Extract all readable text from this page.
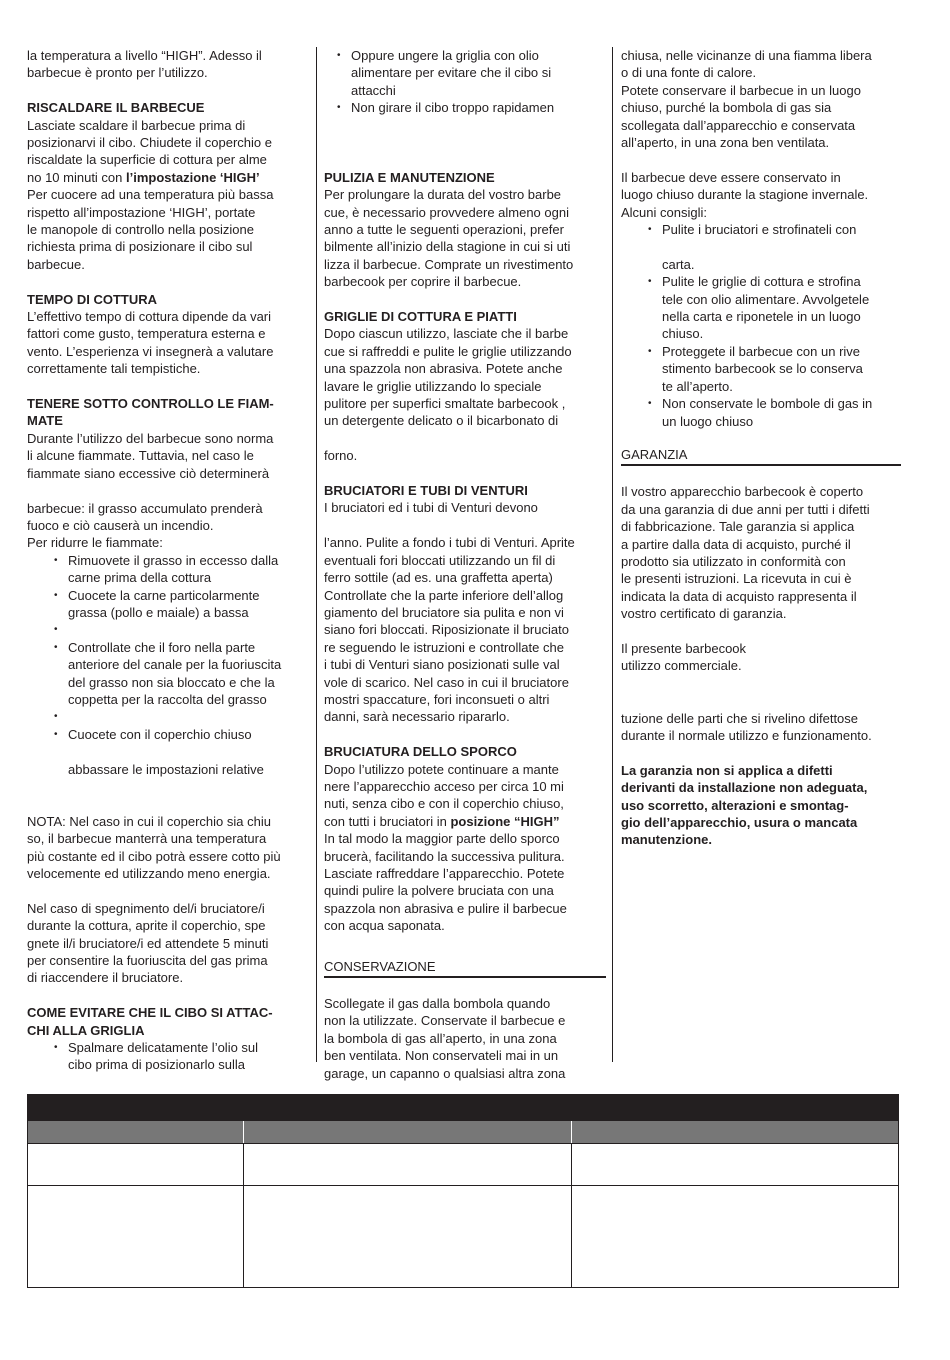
la temperatura a livello “HIGH”. Adesso il
barbecue è pronto per l’utilizzo.

RISCALDARE IL BARBECUE

Lasciate scaldare il barbecue prima di
posizionarvi il cibo. Chiudete il coperchio e
riscaldate la superficie di cottura per alme
no 10 minuti con l’impostazione ‘HIGH’

Per cuocere ad una temperatura più bassa
rispetto all’impostazione ‘HIGH’, portate
le manopole di controllo nella posizione
richiesta prima di posizionare il cibo sul
barbecue.

TEMPO DI COTTURA

L’effettivo tempo di cottura dipende da vari
fattori come gusto, temperatura esterna e
vento. L’esperienza vi insegnerà a valutare
correttamente tali tempistiche.

TENERE SOTTO CONTROLLO LE FIAM-
MATE

Durante l’utilizzo del barbecue sono norma
li alcune fiammate. Tuttavia, nel caso le
fiammate siano eccessive ciò determinerà

barbecue: il grasso accumulato prenderà
fuoco e ciò causerà un incendio.
Per ridurre le fiammate:

• Rimuovete il grasso in eccesso dalla
carne prima della cottura
• Cuocete la carne particolarmente
grassa (pollo e maiale) a bassa
•
• Controllate che il foro nella parte
anteriore del canale per la fuoriuscita
del grasso non sia bloccato e che la
coppetta per la raccolta del grasso
•
• Cuocete con il coperchio chiuso

abbassare le impostazioni relative

NOTA: Nel caso in cui il coperchio sia chiu
so, il barbecue manterrà una temperatura
più costante ed il cibo potrà essere cotto più
velocemente ed utilizzando meno energia.

Nel caso di spegnimento del/i bruciatore/i
durante la cottura, aprite il coperchio, spe
gnete il/i bruciatore/i ed attendete 5 minuti
per consentire la fuoriuscita del gas prima
di riaccendere il bruciatore.

COME EVITARE CHE IL CIBO SI ATTAC-
CHI ALLA GRIGLIA

• Spalmare delicatamente l’olio sul
cibo prima di posizionarlo sulla
• Oppure ungere la griglia con olio
alimentare per evitare che il cibo si
attacchi
• Non girare il cibo troppo rapidamen

PULIZIA E MANUTENZIONE

Per prolungare la durata del vostro barbe
cue, è necessario provvedere almeno ogni
anno a tutte le seguenti operazioni, prefer
bilmente all’inizio della stagione in cui si uti
lizza il barbecue. Comprate un rivestimento
barbecook per coprire il barbecue.

GRIGLIE DI COTTURA E PIATTI

Dopo ciascun utilizzo, lasciate che il barbe
cue si raffreddi e pulite le griglie utilizzando
una spazzola non abrasiva. Potete anche
lavare le griglie utilizzando lo speciale
pulitore per superfici smaltate barbecook ,
un detergente delicato o il bicarbonato di

forno.

BRUCIATORI E TUBI DI VENTURI

I bruciatori ed i tubi di Venturi devono

l’anno. Pulite a fondo i tubi di Venturi. Aprite
eventuali fori bloccati utilizzando un fil di
ferro sottile (ad es. una graffetta aperta)
Controllate che la parte inferiore dell’allog
giamento del bruciatore sia pulita e non vi
siano fori bloccati. Riposizionate il bruciato
re seguendo le istruzioni e controllate che
i tubi di Venturi siano posizionati sulle val
vole di scarico. Nel caso in cui il bruciatore
mostri spaccature, fori inconsueti o altri
danni, sarà necessario ripararlo.

BRUCIATURA DELLO SPORCO

Dopo l’utilizzo potete continuare a mante
nere l’apparecchio acceso per circa 10 mi
nuti, senza cibo e con il coperchio chiuso,
con tutti i bruciatori in posizione “HIGH”

In tal modo la maggior parte dello sporco
brucerà, facilitando la successiva pulitura.
Lasciate raffreddare l’apparecchio. Potete
quindi pulire la polvere bruciata con una
spazzola non abrasiva e pulire il barbecue
con acqua saponata.

CONSERVAZIONE

Scollegate il gas dalla bombola quando
non la utilizzate. Conservate il barbecue e
la bombola di gas all’aperto, in una zona
ben ventilata. Non conservateli mai in un
garage, un capanno o qualsiasi altra zona

chiusa, nelle vicinanze di una fiamma libera
o di una fonte di calore.
Potete conservare il barbecue in un luogo
chiuso, purché la bombola di gas sia
scollegata dall’apparecchio e conservata
all’aperto, in una zona ben ventilata.

Il barbecue deve essere conservato in
luogo chiuso durante la stagione invernale.
Alcuni consigli:

• Pulite i bruciatori e strofinateli con

carta.
• Pulite le griglie di cottura e strofina
tele con olio alimentare. Avvolgetele
nella carta e riponetele in un luogo
chiuso.
• Proteggete il barbecue con un rive
stimento barbecook se lo conserva
te all’aperto.
• Non conservate le bombole di gas in
un luogo chiuso

GARANZIA

Il vostro apparecchio barbecook è coperto
da una garanzia di due anni per tutti i difetti
di fabbricazione. Tale garanzia si applica
a partire dalla data di acquisto, purché il
prodotto sia utilizzato in conformità con
le presenti istruzioni. La ricevuta in cui è
indicata la data di acquisto rappresenta il
vostro certificato di garanzia.

Il presente barbecook
utilizzo commerciale.

tuzione delle parti che si rivelino difettose
durante il normale utilizzo e funzionamento.

La garanzia non si applica a difetti
derivanti da installazione non adeguata,
uso scorretto, alterazioni e smontag-
gio dell’apparecchio, usura o mancata
manutenzione.
